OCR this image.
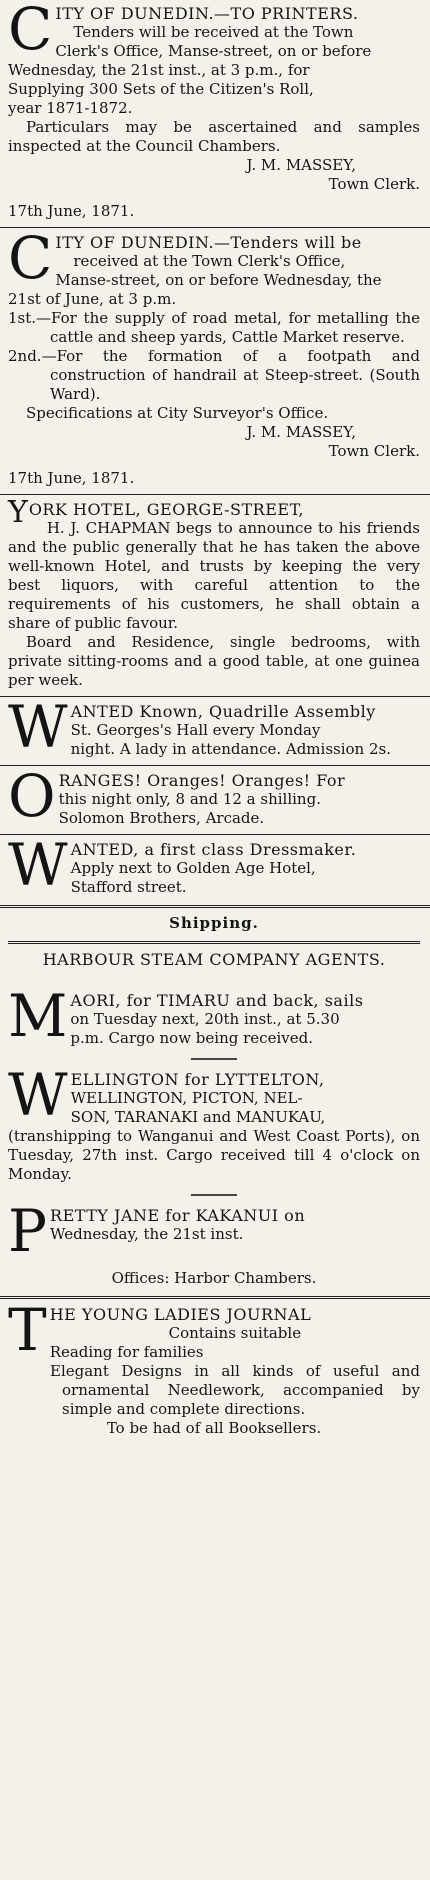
C ITY OF DUNEDIN.—TO PRINTERS.

Tenders will be received at the Town

Clerk's Office, Manse-street, on or before

Wednesday, the 21st inst., at 3 p.m., for

Supplying 300 Sets of the Citizen's Roll,

year 1871-1872.

Particulars may be ascertained and samples inspected at the Council Chambers.

J. M. MASSEY,

Town Clerk.

17th June, 1871.

C ITY OF DUNEDIN.—Tenders will be

received at the Town Clerk's Office,

Manse-street, on or before Wednesday, the

21st of June, at 3 p.m.

1st.—For the supply of road metal, for metalling the cattle and sheep yards, Cattle Market reserve.

2nd.—For the formation of a footpath and construction of handrail at Steep-street. (South Ward).

Specifications at City Surveyor's Office.

J. M. MASSEY,

Town Clerk.

17th June, 1871.

Y ORK HOTEL, GEORGE-STREET,

H. J. CHAPMAN begs to announce to his friends and the public generally that he has taken the above well-known Hotel, and trusts by keeping the very best liquors, with careful attention to the requirements of his customers, he shall obtain a share of public favour.

Board and Residence, single bedrooms, with private sitting-rooms and a good table, at one guinea per week.

W ANTED Known, Quadrille Assembly

St. Georges's Hall every Monday

night. A lady in attendance. Admission 2s.

O RANGES! Oranges! Oranges! For

this night only, 8 and 12 a shilling.

Solomon Brothers, Arcade.

W ANTED, a first class Dressmaker.

Apply next to Golden Age Hotel,

Stafford street.

Shipping.

HARBOUR STEAM COMPANY AGENTS.

M AORI, for TIMARU and back, sails

on Tuesday next, 20th inst., at 5.30

p.m. Cargo now being received.

W ELLINGTON for LYTTELTON,

WELLINGTON, PICTON, NEL-

SON, TARANAKI and MANUKAU,

(transhipping to Wanganui and West Coast Ports), on Tuesday, 27th inst. Cargo received till 4 o'clock on Monday.

P RETTY JANE for KAKANUI on

Wednesday, the 21st inst.

Offices: Harbor Chambers.

T HE YOUNG LADIES JOURNAL

Contains suitable

Reading for families

Elegant Designs in all kinds of useful and ornamental Needlework, accompanied by simple and complete directions.

To be had of all Booksellers.
